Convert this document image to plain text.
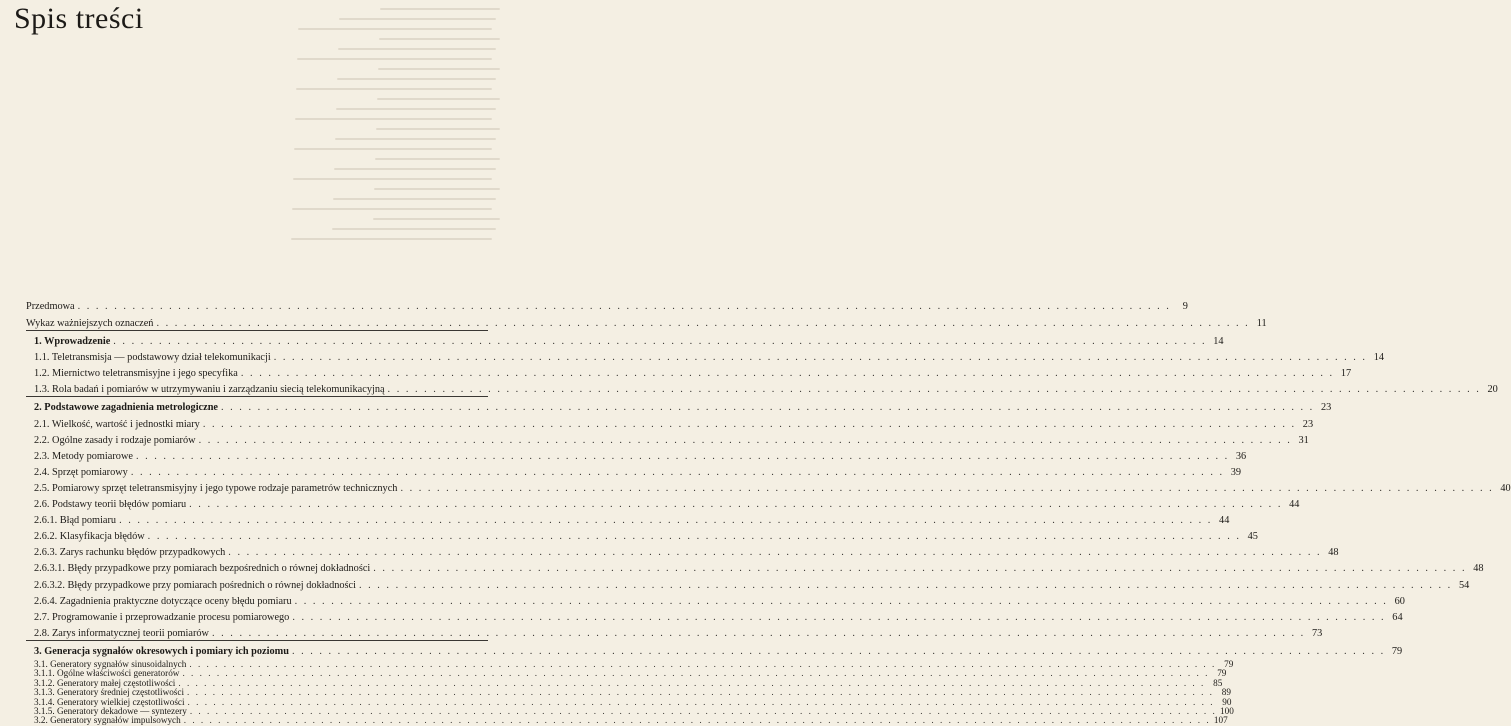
Spis treści
Przedmowa . . . . . . . . . . . . . . . . . . . . . . . . . . . . . . . . . . . . . . . . . . . . . . . . . . . . . . . . . . . . . . . . . . . . . . . . . . . . . . . . . . . . . . . . . . . . . . . . . . . . . . . . . . . . . . . . . . . . . . . .	9
Wykaz ważniejszych oznaczeń . . . . . . . . . . . . . . . . . . . . . . . . . . . . . . . . . . . . . . . . . . . . . . . . . . . . . . . . . . . . . . . . . . . . . . . . . . . . . . . . . . . . . . . . . . . . . . . . . . . . . . . . . . . . . . . . . . . . . . . . 11
1. Wprowadzenie . . . . . . . . . . . . . . . . . . . . . . . . . . . . . . . . . . . . . . . . . . . . . . . . . . . . . . . . . . . . . . . . . . . . . . . . . . . . . . . . . . . . . . . . . . . . . . . . . . . . . . . . . . . . . . . . . . . . . . . . 14
1.1. Teletransmisja — podstawowy dział telekomunikacji . . . . . . . . . . . . . . . . . . . . . . . . . . . . . . . . . . . . . . . . . . . . . . . . . . . . . . . . . . . . . . . . . . . . . . . . . . . . . . . . . . . . . . . . . . . . . . . . . . . . . . . . . . . . . . . . . . . . . . . . 14
1.2. Miernictwo teletransmisyjne i jego specyfika . . . . . . . . . . . . . . . . . . . . . . . . . . . . . . . . . . . . . . . . . . . . . . . . . . . . . . . . . . . . . . . . . . . . . . . . . . . . . . . . . . . . . . . . . . . . . . . . . . . . . . . . . . . . . . . . . . . . . . . . 17
1.3. Rola badań i pomiarów w utrzymywaniu i zarządzaniu siecią telekomunikacyjną . . . . . . . . . . . . . . . . . . . . . . . . . . . . . . . . . . . . . . . . . . . . . . . . . . . . . . . . . . . . . . . . . . . . . . . . . . . . . . . . . . . . . . . . . . . . . . . . . . . . . . . . . . . . . . . . . . . . . . . . 20
2. Podstawowe zagadnienia metrologiczne . . . . . . . . . . . . . . . . . . . . . . . . . . . . . . . . . . . . . . . . . . . . . . . . . . . . . . . . . . . . . . . . . . . . . . . . . . . . . . . . . . . . . . . . . . . . . . . . . . . . . . . . . . . . . . . . . . . . . . . . 23
2.1. Wielkość, wartość i jednostki miary . . . . . . . . . . . . . . . . . . . . . . . . . . . . . . . . . . . . . . . . . . . . . . . . . . . . . . . . . . . . . . . . . . . . . . . . . . . . . . . . . . . . . . . . . . . . . . . . . . . . . . . . . . . . . . . . . . . . . . . . 23
2.2. Ogólne zasady i rodzaje pomiarów . . . . . . . . . . . . . . . . . . . . . . . . . . . . . . . . . . . . . . . . . . . . . . . . . . . . . . . . . . . . . . . . . . . . . . . . . . . . . . . . . . . . . . . . . . . . . . . . . . . . . . . . . . . . . . . . . . . . . . . . 31
2.3. Metody pomiarowe . . . . . . . . . . . . . . . . . . . . . . . . . . . . . . . . . . . . . . . . . . . . . . . . . . . . . . . . . . . . . . . . . . . . . . . . . . . . . . . . . . . . . . . . . . . . . . . . . . . . . . . . . . . . . . . . . . . . . . . . 36
2.4. Sprzęt pomiarowy . . . . . . . . . . . . . . . . . . . . . . . . . . . . . . . . . . . . . . . . . . . . . . . . . . . . . . . . . . . . . . . . . . . . . . . . . . . . . . . . . . . . . . . . . . . . . . . . . . . . . . . . . . . . . . . . . . . . . . . . 39
2.5. Pomiarowy sprzęt teletransmisyjny i jego typowe rodzaje parametrów technicznych . . . . . . . . . . . . . . . . . . . . . . . . . . . . . . . . . . . . . . . . . . . . . . . . . . . . . . . . . . . . . . . . . . . . . . . . . . . . . . . . . . . . . . . . . . . . . . . . . . . . . . . . . . . . . . . . . . . . . . . . 40
2.6. Podstawy teorii błędów pomiaru . . . . . . . . . . . . . . . . . . . . . . . . . . . . . . . . . . . . . . . . . . . . . . . . . . . . . . . . . . . . . . . . . . . . . . . . . . . . . . . . . . . . . . . . . . . . . . . . . . . . . . . . . . . . . . . . . . . . . . . . 44
2.6.1. Błąd pomiaru . . . . . . . . . . . . . . . . . . . . . . . . . . . . . . . . . . . . . . . . . . . . . . . . . . . . . . . . . . . . . . . . . . . . . . . . . . . . . . . . . . . . . . . . . . . . . . . . . . . . . . . . . . . . . . . . . . . . . . . . 44
2.6.2. Klasyfikacja błędów . . . . . . . . . . . . . . . . . . . . . . . . . . . . . . . . . . . . . . . . . . . . . . . . . . . . . . . . . . . . . . . . . . . . . . . . . . . . . . . . . . . . . . . . . . . . . . . . . . . . . . . . . . . . . . . . . . . . . . . . 45
2.6.3. Zarys rachunku błędów przypadkowych . . . . . . . . . . . . . . . . . . . . . . . . . . . . . . . . . . . . . . . . . . . . . . . . . . . . . . . . . . . . . . . . . . . . . . . . . . . . . . . . . . . . . . . . . . . . . . . . . . . . . . . . . . . . . . . . . . . . . . . . 48
2.6.3.1. Błędy przypadkowe przy pomiarach bezpośrednich o równej dokładności . . . . . . . . . . . . . . . . . . . . . . . . . . . . . . . . . . . . . . . . . . . . . . . . . . . . . . . . . . . . . . . . . . . . . . . . . . . . . . . . . . . . . . . . . . . . . . . . . . . . . . . . . . . . . . . . . . . . . . . . 48
2.6.3.2. Błędy przypadkowe przy pomiarach pośrednich o równej dokładności . . . . . . . . . . . . . . . . . . . . . . . . . . . . . . . . . . . . . . . . . . . . . . . . . . . . . . . . . . . . . . . . . . . . . . . . . . . . . . . . . . . . . . . . . . . . . . . . . . . . . . . . . . . . . . . . . . . . . . . . 54
2.6.4. Zagadnienia praktyczne dotyczące oceny błędu pomiaru . . . . . . . . . . . . . . . . . . . . . . . . . . . . . . . . . . . . . . . . . . . . . . . . . . . . . . . . . . . . . . . . . . . . . . . . . . . . . . . . . . . . . . . . . . . . . . . . . . . . . . . . . . . . . . . . . . . . . . . . 60
2.7. Programowanie i przeprowadzanie procesu pomiarowego . . . . . . . . . . . . . . . . . . . . . . . . . . . . . . . . . . . . . . . . . . . . . . . . . . . . . . . . . . . . . . . . . . . . . . . . . . . . . . . . . . . . . . . . . . . . . . . . . . . . . . . . . . . . . . . . . . . . . . . . 64
2.8. Zarys informatycznej teorii pomiarów . . . . . . . . . . . . . . . . . . . . . . . . . . . . . . . . . . . . . . . . . . . . . . . . . . . . . . . . . . . . . . . . . . . . . . . . . . . . . . . . . . . . . . . . . . . . . . . . . . . . . . . . . . . . . . . . . . . . . . . . 73
3. Generacja sygnałów okresowych i pomiary ich poziomu . . . . . . . . . . . . . . . . . . . . . . . . . . . . . . . . . . . . . . . . . . . . . . . . . . . . . . . . . . . . . . . . . . . . . . . . . . . . . . . . . . . . . . . . . . . . . . . . . . . . . . . . . . . . . . . . . . . . . . . . 79
3.1. Generatory sygnałów sinusoidalnych . . . . . . . . . . . . . . . . . . . . . . . . . . . . . . . . . . . . . . . . . . . . . . . . . . . . . . . . . . . . . . . . . . . . . . . . . . . . . . . . . . . . . . . . . . . . . . . . . . . . . . . . . . . . . . . . . . . . . . . . 79
3.1.1. Ogólne właściwości generatorów . . . . . . . . . . . . . . . . . . . . . . . . . . . . . . . . . . . . . . . . . . . . . . . . . . . . . . . . . . . . . . . . . . . . . . . . . . . . . . . . . . . . . . . . . . . . . . . . . . . . . . . . . . . . . . . . . . . . . . . . 79
3.1.2. Generatory małej częstotliwości . . . . . . . . . . . . . . . . . . . . . . . . . . . . . . . . . . . . . . . . . . . . . . . . . . . . . . . . . . . . . . . . . . . . . . . . . . . . . . . . . . . . . . . . . . . . . . . . . . . . . . . . . . . . . . . . . . . . . . . . 85
3.1.3. Generatory średniej częstotliwości . . . . . . . . . . . . . . . . . . . . . . . . . . . . . . . . . . . . . . . . . . . . . . . . . . . . . . . . . . . . . . . . . . . . . . . . . . . . . . . . . . . . . . . . . . . . . . . . . . . . . . . . . . . . . . . . . . . . . . . . 89
3.1.4. Generatory wielkiej częstotliwości . . . . . . . . . . . . . . . . . . . . . . . . . . . . . . . . . . . . . . . . . . . . . . . . . . . . . . . . . . . . . . . . . . . . . . . . . . . . . . . . . . . . . . . . . . . . . . . . . . . . . . . . . . . . . . . . . . . . . . . . 90
3.1.5. Generatory dekadowe — syntezery . . . . . . . . . . . . . . . . . . . . . . . . . . . . . . . . . . . . . . . . . . . . . . . . . . . . . . . . . . . . . . . . . . . . . . . . . . . . . . . . . . . . . . . . . . . . . . . . . . . . . . . . . . . . . . . . . . . . . . . . 100
3.2. Generatory sygnałów impulsowych . . . . . . . . . . . . . . . . . . . . . . . . . . . . . . . . . . . . . . . . . . . . . . . . . . . . . . . . . . . . . . . . . . . . . . . . . . . . . . . . . . . . . . . . . . . . . . . . . . . . . . . . . . . . . . . . . . . . . . . . 107
